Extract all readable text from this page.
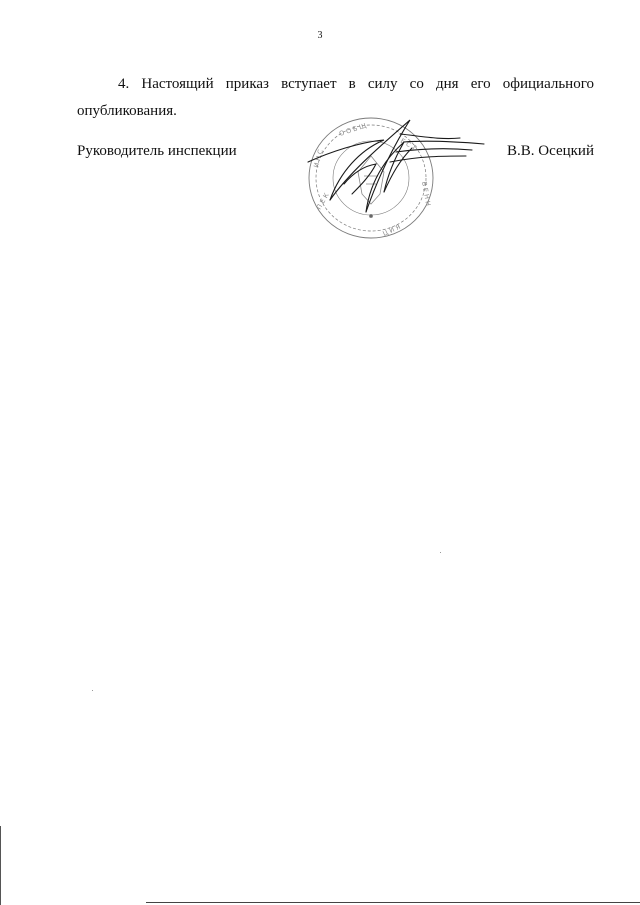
3

4. Настоящий приказ вступает в силу со дня его официального опубликования.

Руководитель инспекции	В.В. Осецкий
О О Б Щ
Е С Т
В Е Н Н
И Н С
П Е К
Ц И Я
